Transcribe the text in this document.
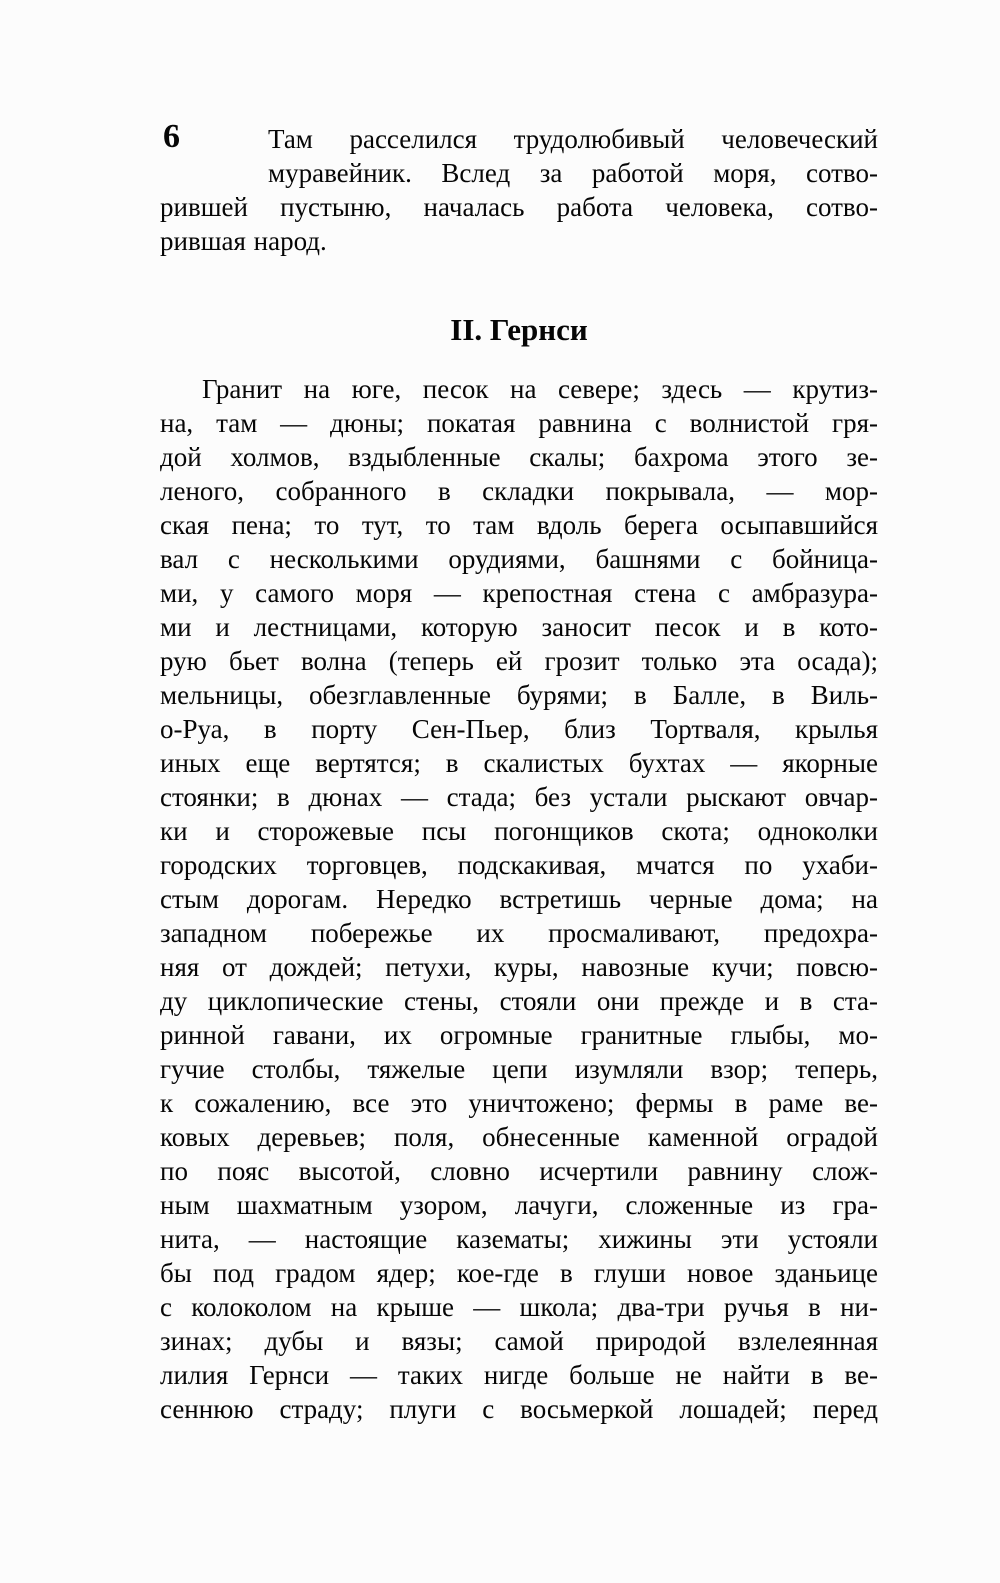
6	Там расселился трудолюбивый человеческий
муравейник. Вслед за работой моря, сотво-
рившей пустыню, началась работа человека, сотво-
рившая народ.
II. Гернси
Гранит на юге, песок на севере; здесь — крутиз-
на, там — дюны; покатая равнина с волнистой гря-
дой холмов, вздыбленные скалы; бахрома этого зе-
леного, собранного в складки покрывала, — мор-
ская пена; то тут, то там вдоль берега осыпавшийся
вал с несколькими орудиями, башнями с бойница-
ми, у самого моря — крепостная стена с амбразура-
ми и лестницами, которую заносит песок и в кото-
рую бьет волна (теперь ей грозит только эта осада);
мельницы, обезглавленные бурями; в Балле, в Виль-
о-Руа, в порту Сен-Пьер, близ Тортваля, крылья
иных еще вертятся; в скалистых бухтах — якорные
стоянки; в дюнах — стада; без устали рыскают овчар-
ки и сторожевые псы погонщиков скота; одноколки
городских торговцев, подскакивая, мчатся по ухаби-
стым дорогам. Нередко встретишь черные дома; на
западном побережье их просмаливают, предохра-
няя от дождей; петухи, куры, навозные кучи; повсю-
ду циклопические стены, стояли они прежде и в ста-
ринной гавани, их огромные гранитные глыбы, мо-
гучие столбы, тяжелые цепи изумляли взор; теперь,
к сожалению, все это уничтожено; фермы в раме ве-
ковых деревьев; поля, обнесенные каменной оградой
по пояс высотой, словно исчертили равнину слож-
ным шахматным узором, лачуги, сложенные из гра-
нита, — настоящие казематы; хижины эти устояли
бы под градом ядер; кое-где в глуши новое зданьице
с колоколом на крыше — школа; два-три ручья в ни-
зинах; дубы и вязы; самой природой взлелеянная
лилия Гернси — таких нигде больше не найти в ве-
сеннюю страду; плуги с восьмеркой лошадей; перед
